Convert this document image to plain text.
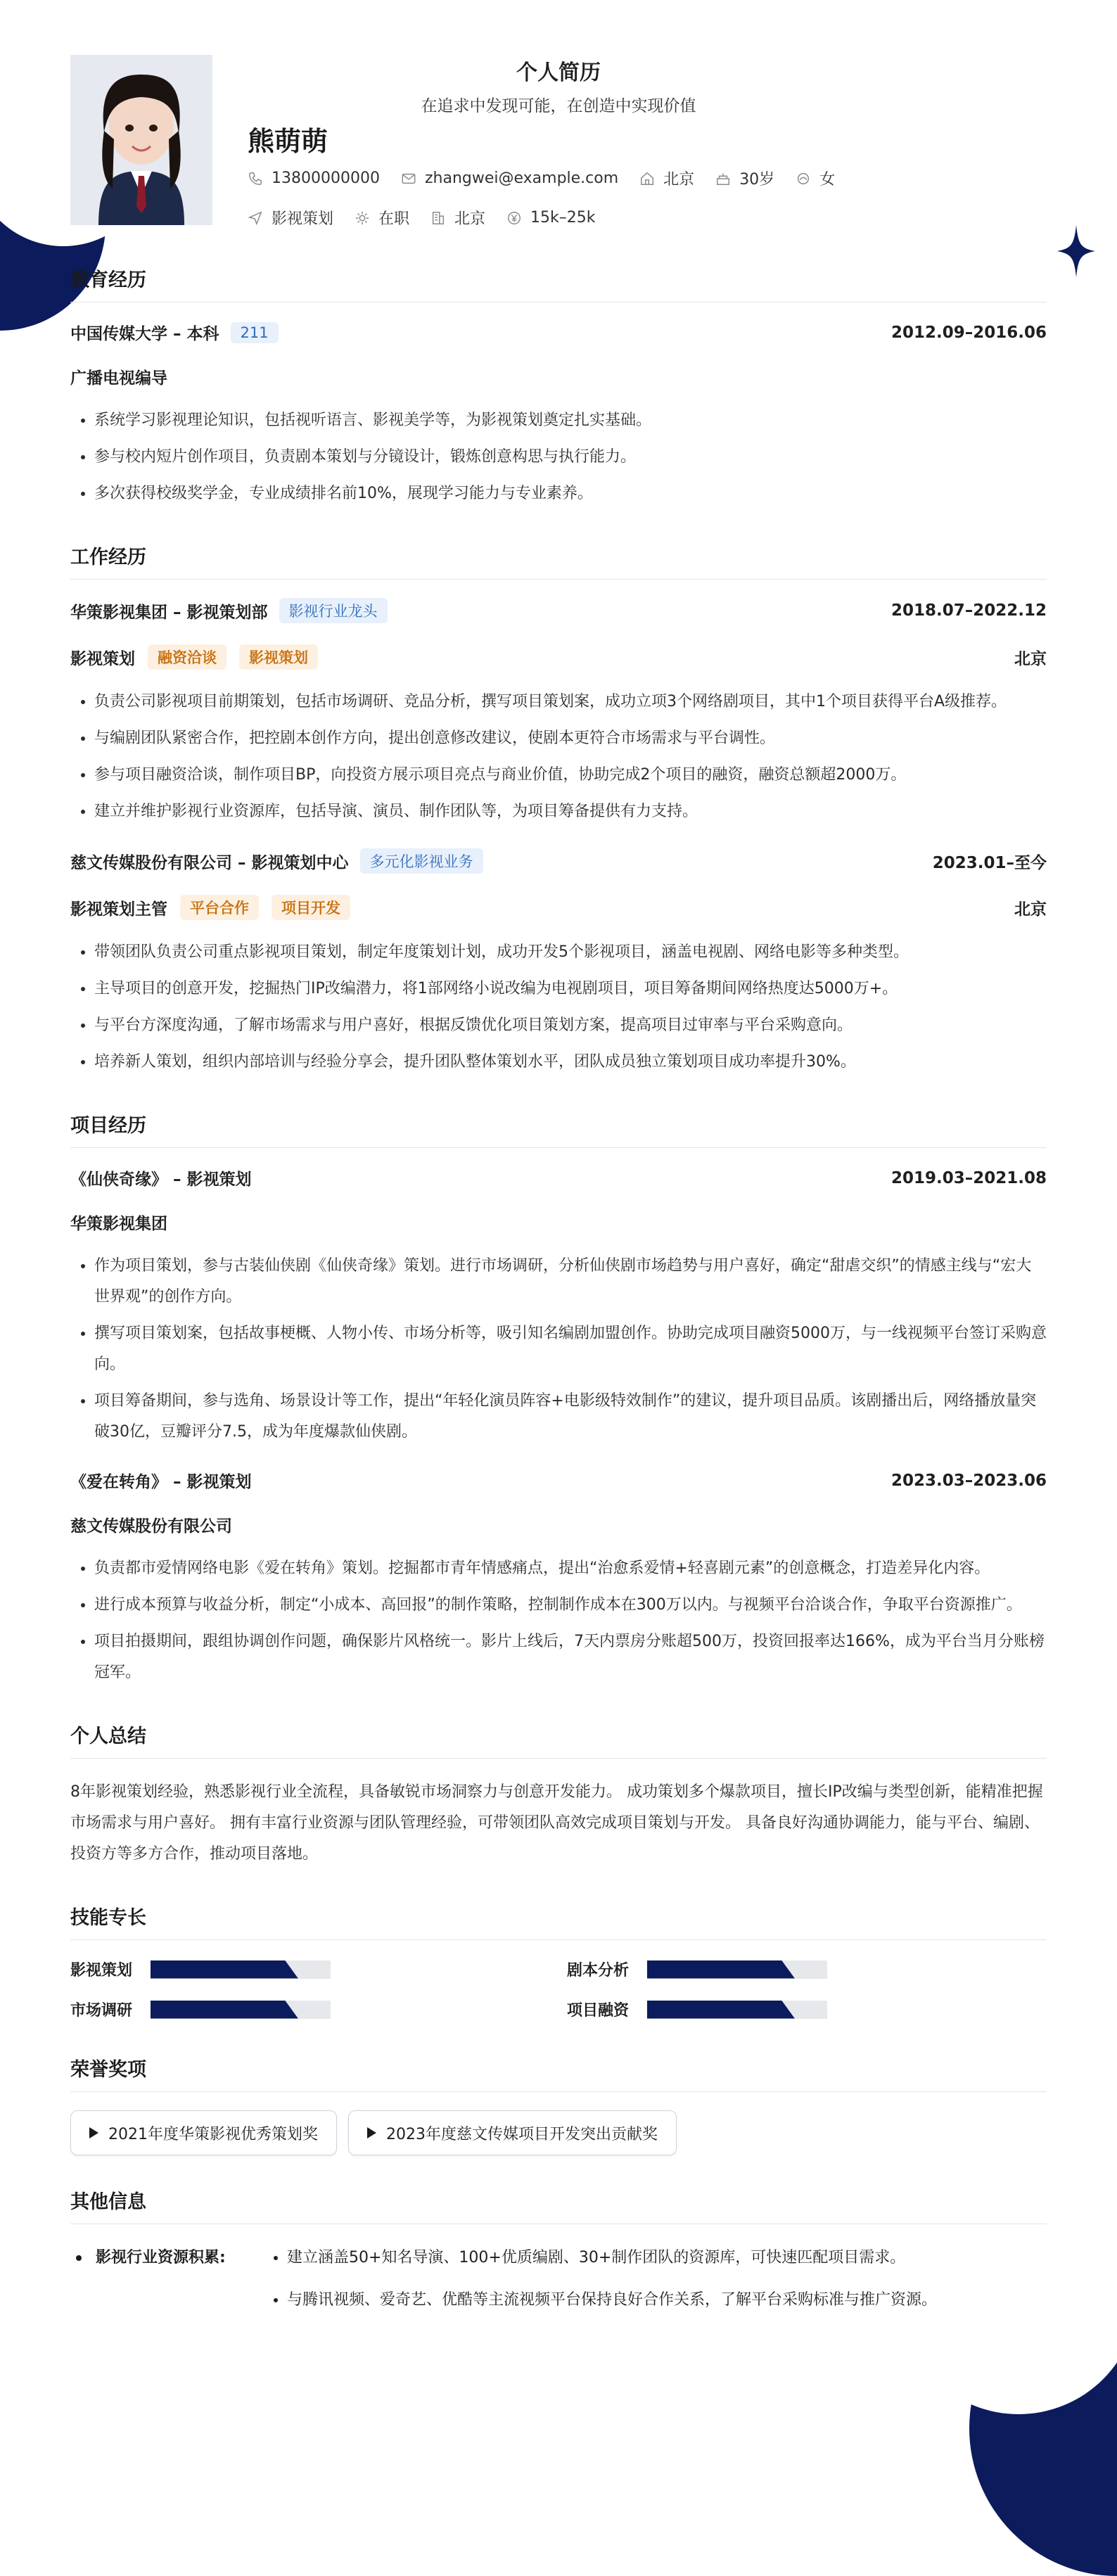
个人简历
在追求中发现可能，在创造中实现价值
熊萌萌
13800000000	zhangwei@example.com	北京	30岁	女
影视策划	在职	北京	15k–25k
教育经历
中国传媒大学 – 本科	211	2012.09–2016.06
广播电视编导
• 系统学习影视理论知识，包括视听语言、影视美学等，为影视策划奠定扎实基础。
• 参与校内短片创作项目，负责剧本策划与分镜设计，锻炼创意构思与执行能力。
• 多次获得校级奖学金，专业成绩排名前10%，展现学习能力与专业素养。
工作经历
华策影视集团 – 影视策划部	影视行业龙头	2018.07–2022.12
影视策划	融资洽谈	影视策划	北京
• 负责公司影视项目前期策划，包括市场调研、竞品分析，撰写项目策划案，成功立项3个网络剧项目，其中1个项目获得平台A级推荐。
• 与编剧团队紧密合作，把控剧本创作方向，提出创意修改建议，使剧本更符合市场需求与平台调性。
• 参与项目融资洽谈，制作项目BP，向投资方展示项目亮点与商业价值，协助完成2个项目的融资，融资总额超2000万。
• 建立并维护影视行业资源库，包括导演、演员、制作团队等，为项目筹备提供有力支持。
慈文传媒股份有限公司 – 影视策划中心	多元化影视业务	2023.01–至今
影视策划主管	平台合作	项目开发	北京
• 带领团队负责公司重点影视项目策划，制定年度策划计划，成功开发5个影视项目，涵盖电视剧、网络电影等多种类型。
• 主导项目的创意开发，挖掘热门IP改编潜力，将1部网络小说改编为电视剧项目，项目筹备期间网络热度达5000万+。
• 与平台方深度沟通，了解市场需求与用户喜好，根据反馈优化项目策划方案，提高项目过审率与平台采购意向。
• 培养新人策划，组织内部培训与经验分享会，提升团队整体策划水平，团队成员独立策划项目成功率提升30%。
项目经历
《仙侠奇缘》 – 影视策划	2019.03–2021.08
华策影视集团
• 作为项目策划，参与古装仙侠剧《仙侠奇缘》策划。进行市场调研，分析仙侠剧市场趋势与用户喜好，确定“甜虐交织”的情感主线与“宏大世界观”的创作方向。
• 撰写项目策划案，包括故事梗概、人物小传、市场分析等，吸引知名编剧加盟创作。协助完成项目融资5000万，与一线视频平台签订采购意向。
• 项目筹备期间，参与选角、场景设计等工作，提出“年轻化演员阵容+电影级特效制作”的建议，提升项目品质。该剧播出后，网络播放量突破30亿，豆瓣评分7.5，成为年度爆款仙侠剧。
《爱在转角》 – 影视策划	2023.03–2023.06
慈文传媒股份有限公司
• 负责都市爱情网络电影《爱在转角》策划。挖掘都市青年情感痛点，提出“治愈系爱情+轻喜剧元素”的创意概念，打造差异化内容。
• 进行成本预算与收益分析，制定“小成本、高回报”的制作策略，控制制作成本在300万以内。与视频平台洽谈合作，争取平台资源推广。
• 项目拍摄期间，跟组协调创作问题，确保影片风格统一。影片上线后，7天内票房分账超500万，投资回报率达166%，成为平台当月分账榜冠军。
个人总结
8年影视策划经验，熟悉影视行业全流程，具备敏锐市场洞察力与创意开发能力。 成功策划多个爆款项目，擅长IP改编与类型创新，能精准把握市场需求与用户喜好。 拥有丰富行业资源与团队管理经验，可带领团队高效完成项目策划与开发。 具备良好沟通协调能力，能与平台、编剧、投资方等多方合作，推动项目落地。
技能专长
影视策划	剧本分析
市场调研	项目融资
荣誉奖项
2021年度华策影视优秀策划奖	2023年度慈文传媒项目开发突出贡献奖
其他信息
影视行业资源积累:
•	建立涵盖50+知名导演、100+优质编剧、30+制作团队的资源库，可快速匹配项目需求。
• 与腾讯视频、爱奇艺、优酷等主流视频平台保持良好合作关系，了解平台采购标准与推广资源。
